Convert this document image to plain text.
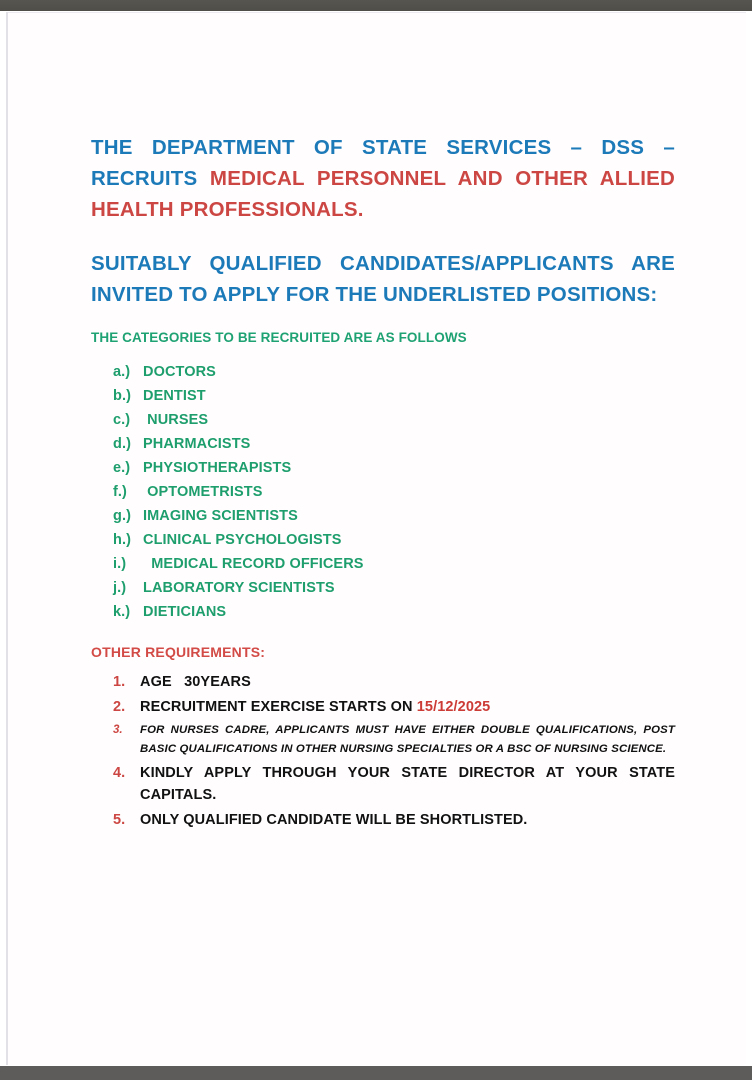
THE DEPARTMENT OF STATE SERVICES – DSS – RECRUITS MEDICAL PERSONNEL AND OTHER ALLIED HEALTH PROFESSIONALS.

SUITABLY QUALIFIED CANDIDATES/APPLICANTS ARE INVITED TO APPLY FOR THE UNDERLISTED POSITIONS:

THE CATEGORIES TO BE RECRUITED ARE AS FOLLOWS

a.) DOCTORS
b.) DENTIST
c.) NURSES
d.) PHARMACISTS
e.) PHYSIOTHERAPISTS
f.)	OPTOMETRISTS
g.) IMAGING SCIENTISTS
h.) CLINICAL PSYCHOLOGISTS
i.)	MEDICAL RECORD OFFICERS
j.)	LABORATORY SCIENTISTS
k.) DIETICIANS

OTHER REQUIREMENTS:

1.	AGE   30YEARS
2.	RECRUITMENT EXERCISE STARTS ON 15/12/2025
3.	FOR NURSES CADRE, APPLICANTS MUST HAVE EITHER DOUBLE QUALIFICATIONS, POST BASIC QUALIFICATIONS IN OTHER NURSING SPECIALTIES OR A BSC OF NURSING SCIENCE.
4.	KINDLY APPLY THROUGH YOUR STATE DIRECTOR AT YOUR STATE CAPITALS.
5.	ONLY QUALIFIED CANDIDATE WILL BE SHORTLISTED.
